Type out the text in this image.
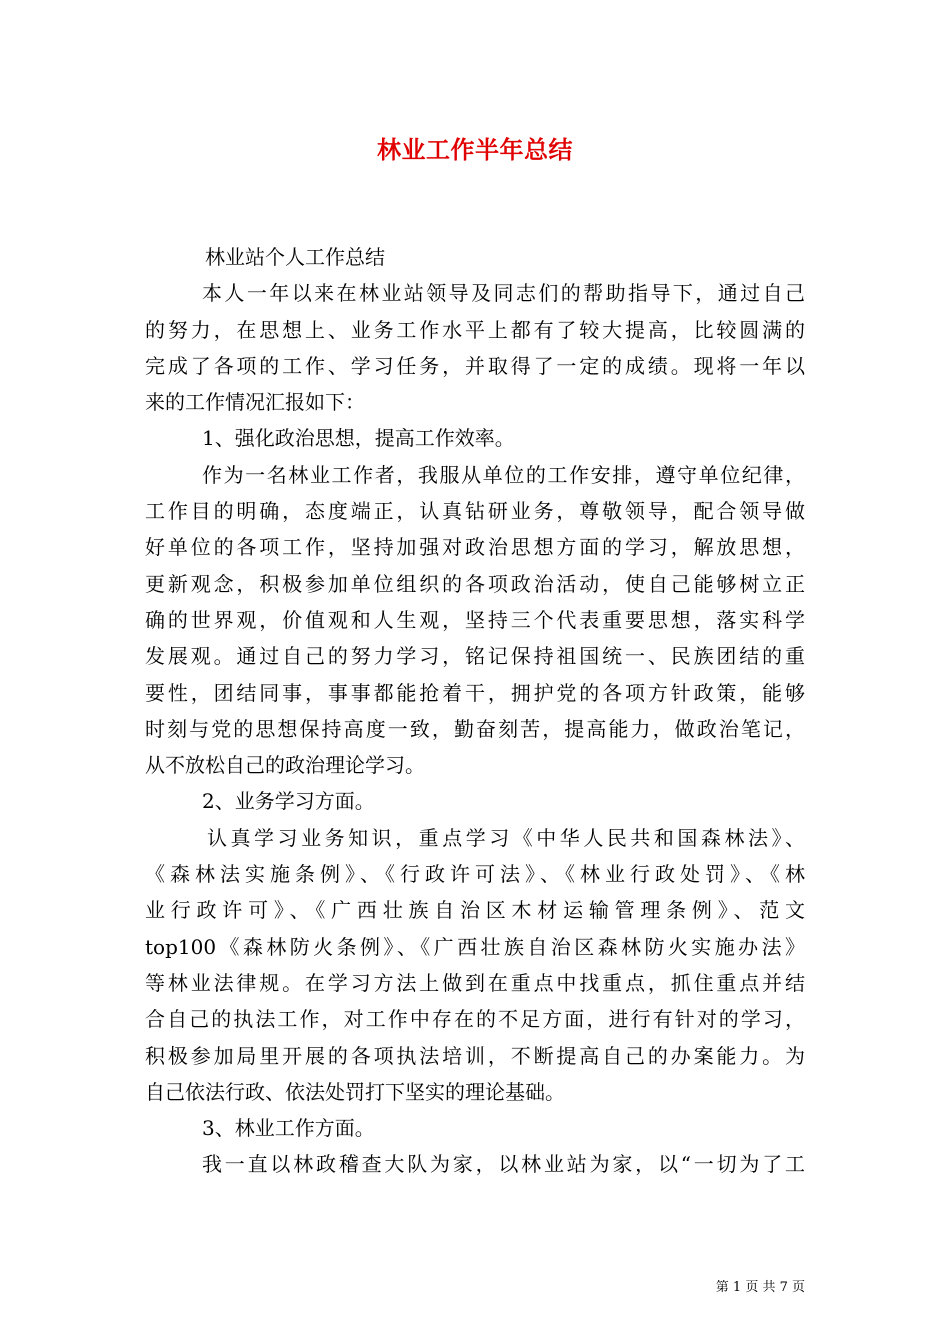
林业工作半年总结
林业站个人工作总结
本人一年以来在林业站领导及同志们的帮助指导下，通过自己
的努力，在思想上、业务工作水平上都有了较大提高，比较圆满的
完成了各项的工作、学习任务，并取得了一定的成绩。现将一年以
来的工作情况汇报如下：
1、强化政治思想，提高工作效率。
作为一名林业工作者，我服从单位的工作安排，遵守单位纪律，
工作目的明确，态度端正，认真钻研业务，尊敬领导，配合领导做
好单位的各项工作，坚持加强对政治思想方面的学习，解放思想，
更新观念，积极参加单位组织的各项政治活动，使自己能够树立正
确的世界观，价值观和人生观，坚持三个代表重要思想，落实科学
发展观。通过自己的努力学习，铭记保持祖国统一、民族团结的重
要性，团结同事，事事都能抢着干，拥护党的各项方针政策，能够
时刻与党的思想保持高度一致，勤奋刻苦，提高能力，做政治笔记，
从不放松自己的政治理论学习。
2、业务学习方面。
认真学习业务知识，重点学习《中华人民共和国森林法》、
《森林法实施条例》、《行政许可法》、《林业行政处罚》、《林
业行政许可》、《广西壮族自治区木材运输管理条例》、范文
top100《森林防火条例》、《广西壮族自治区森林防火实施办法》
等林业法律规。在学习方法上做到在重点中找重点，抓住重点并结
合自己的执法工作，对工作中存在的不足方面，进行有针对的学习，
积极参加局里开展的各项执法培训，不断提高自己的办案能力。为
自己依法行政、依法处罚打下坚实的理论基础。
3、林业工作方面。
我一直以林政稽查大队为家，以林业站为家，以“一切为了工
第 1 页 共 7 页
